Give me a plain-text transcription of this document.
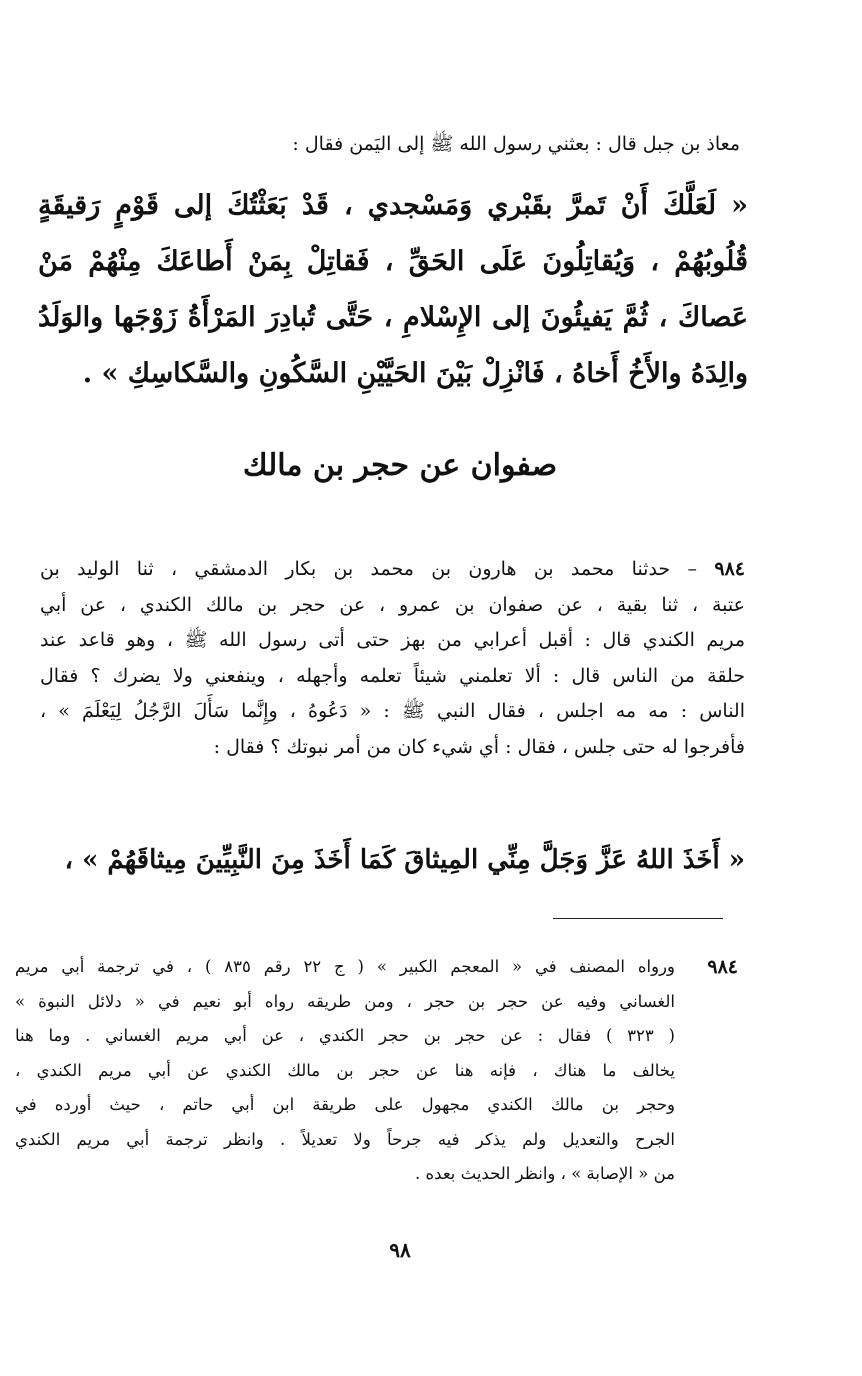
معاذ بن جبل قال : بعثني رسول الله ﷺ إلى اليَمن فقال :
« لَعَلَّكَ أَنْ تَمرَّ بقَبْري وَمَسْجدي ، قَدْ بَعَثْتُكَ إلى قَوْمٍ رَقيقَةٍ
قُلُوبُهُمْ ، وَيُقاتِلُونَ عَلَى الحَقِّ ، فَقاتِلْ بِمَنْ أَطاعَكَ مِنْهُمْ مَنْ
عَصاكَ ، ثُمَّ يَفيئُونَ إلى الإِسْلامِ ، حَتَّى تُبادِرَ المَرْأَةُ زَوْجَها والوَلَدُ
والِدَهُ والأَخُ أَخاهُ ، فَانْزِلْ بَيْنَ الحَيَّيْنِ السَّكُونِ والسَّكاسِكِ » .
صفوان عن حجر بن مالك
٩٨٤ – حدثنا محمد بن هارون بن محمد بن بكار الدمشقي ، ثنا الوليد بن
عتبة ، ثنا بقية ، عن صفوان بن عمرو ، عن حجر بن مالك الكندي ، عن أبي
مريم الكندي قال : أقبل أعرابي من بهز حتى أتى رسول الله ﷺ ، وهو قاعد عند
حلقة من الناس قال : ألا تعلمني شيئاً تعلمه وأجهله ، وينفعني ولا يضرك ؟ فقال
الناس : مه مه اجلس ، فقال النبي ﷺ : « دَعُوهُ ، وإِنَّما سَأَلَ الرَّجُلُ لِيَعْلَمَ » ،
فأفرجوا له حتى جلس ، فقال : أي شيء كان من أمر نبوتك ؟ فقال :
« أَخَذَ اللهُ عَزَّ وَجَلَّ مِنِّي المِيثاقَ كَمَا أَخَذَ مِنَ النَّبِيِّينَ مِيثاقَهُمْ » ،
٩٨٤
ورواه المصنف في « المعجم الكبير » ( ج ٢٢ رقم ٨٣٥ ) ، في ترجمة أبي مريم
الغساني وفيه عن حجر بن حجر ، ومن طريقه رواه أبو نعيم في « دلائل النبوة »
( ٣٢٣ ) فقال : عن حجر بن حجر الكندي ، عن أبي مريم الغساني . وما هنا
يخالف ما هناك ، فإنه هنا عن حجر بن مالك الكندي عن أبي مريم الكندي ،
وحجر بن مالك الكندي مجهول على طريقة ابن أبي حاتم ، حيث أورده في
الجرح والتعديل ولم يذكر فيه جرحاً ولا تعديلاً . وانظر ترجمة أبي مريم الكندي
من « الإصابة » ، وانظر الحديث بعده .
٩٨
